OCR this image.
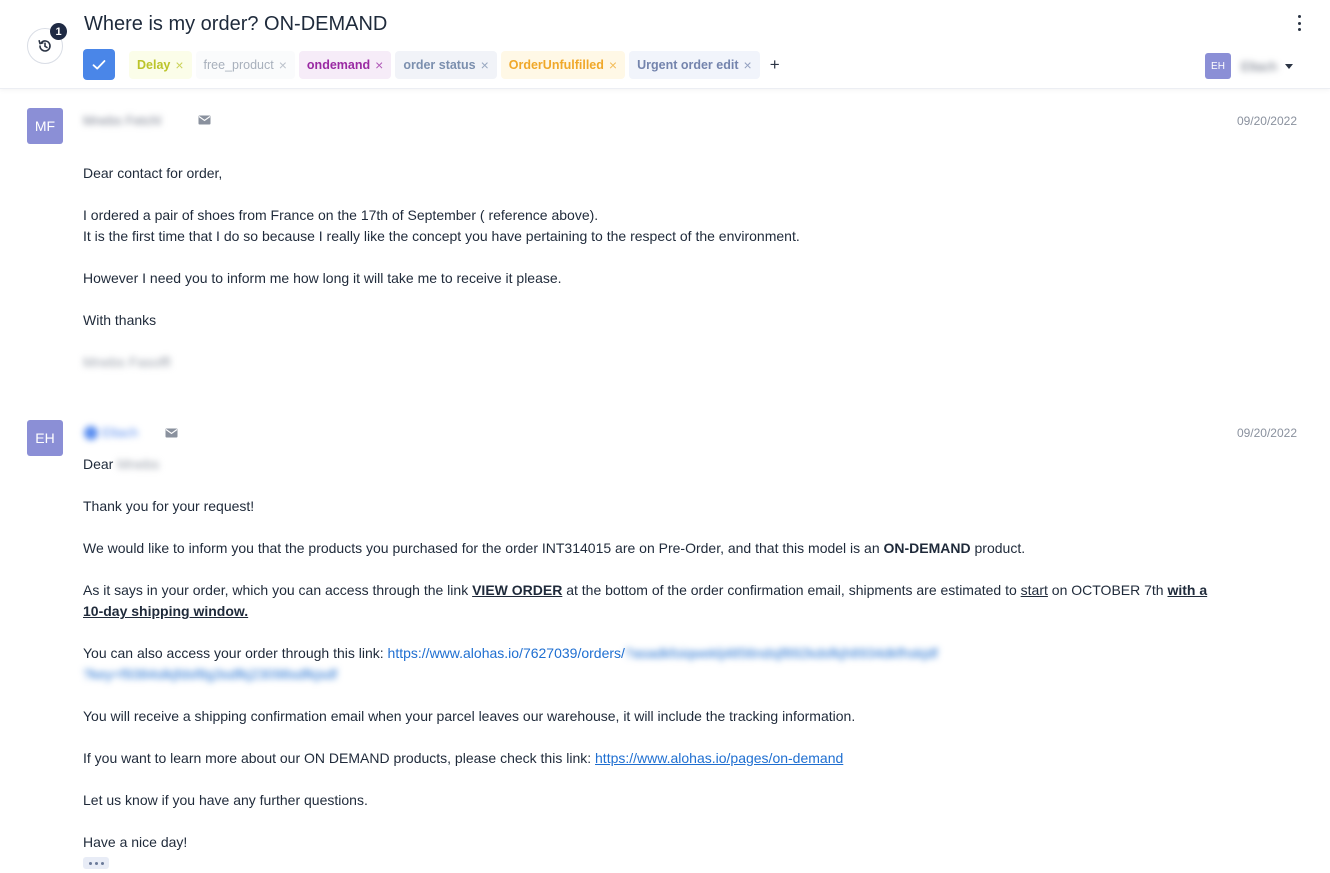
1 Where is my order? ON-DEMAND
Delay × free_product × ondemand × order status × OrderUnfulfilled × Urgent order edit × +	EH	Eltach
MF	Mnebs Fetchl	09/20/2022
Dear contact for order,
I ordered a pair of shoes from France on the 17th of September ( reference above).
It is the first time that I do so because I really like the concept you have pertaining to the respect of the environment.
However I need you to inform me how long it will take me to receive it please.
With thanks
Mnebs Fasoffl
EH	Eltach	09/20/2022
Dear Mnebs
Thank you for your request!
We would like to inform you that the products you purchased for the order INT314015 are on Pre-Order, and that this model is an ON-DEMAND product.
As it says in your order, which you can access through the link VIEW ORDER at the bottom of the order confirmation email, shipments are estimated to start on OCTOBER 7th with a
10-day shipping window.
You can also access your order through this link: https://www.alohas.io/7627039/orders/?asadkfoiqweklj4856ndsjf892kdsfkjh8934dkfhskjdf
?key=f9384slkjfdsf8g3sdfkj23098sdfkjsdf
You will receive a shipping confirmation email when your parcel leaves our warehouse, it will include the tracking information.
If you want to learn more about our ON DEMAND products, please check this link: https://www.alohas.io/pages/on-demand
Let us know if you have any further questions.
Have a nice day!
